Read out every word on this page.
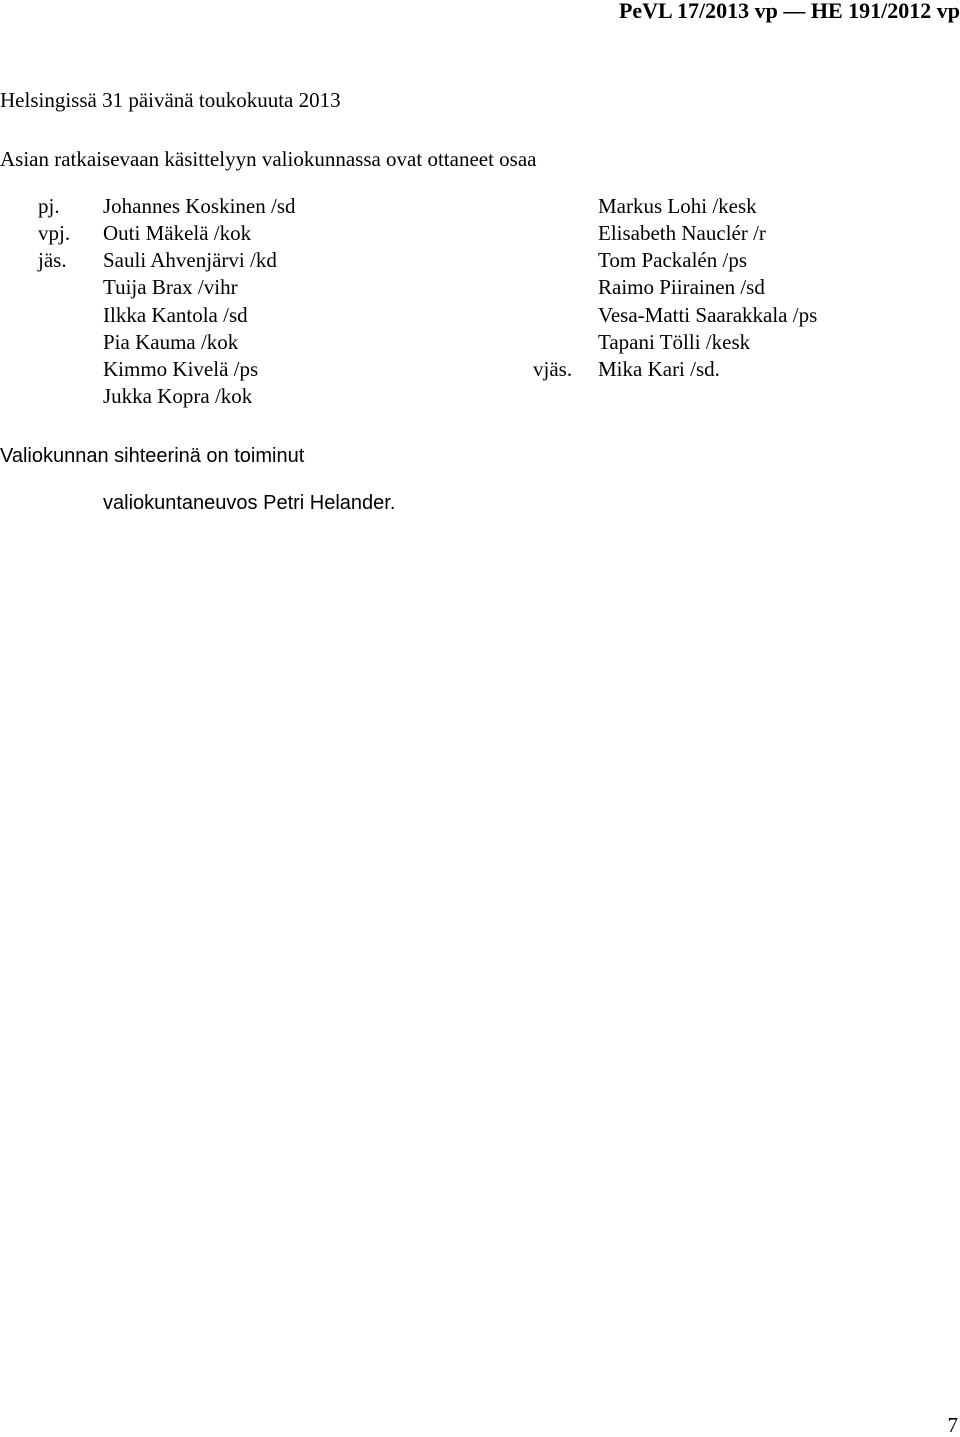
PeVL 17/2013 vp — HE 191/2012 vp
Helsingissä 31 päivänä toukokuuta 2013
Asian ratkaisevaan käsittelyyn valiokunnassa ovat ottaneet osaa
pj. Johannes Koskinen /sd
vpj. Outi Mäkelä /kok
jäs. Sauli Ahvenjärvi /kd
Tuija Brax /vihr
Ilkka Kantola /sd
Pia Kauma /kok
Kimmo Kivelä /ps
Jukka Kopra /kok
Markus Lohi /kesk
Elisabeth Nauclér /r
Tom Packalén /ps
Raimo Piirainen /sd
Vesa-Matti Saarakkala /ps
Tapani Tölli /kesk
vjäs. Mika Kari /sd.
Valiokunnan sihteerinä on toiminut
valiokuntaneuvos Petri Helander.
7
